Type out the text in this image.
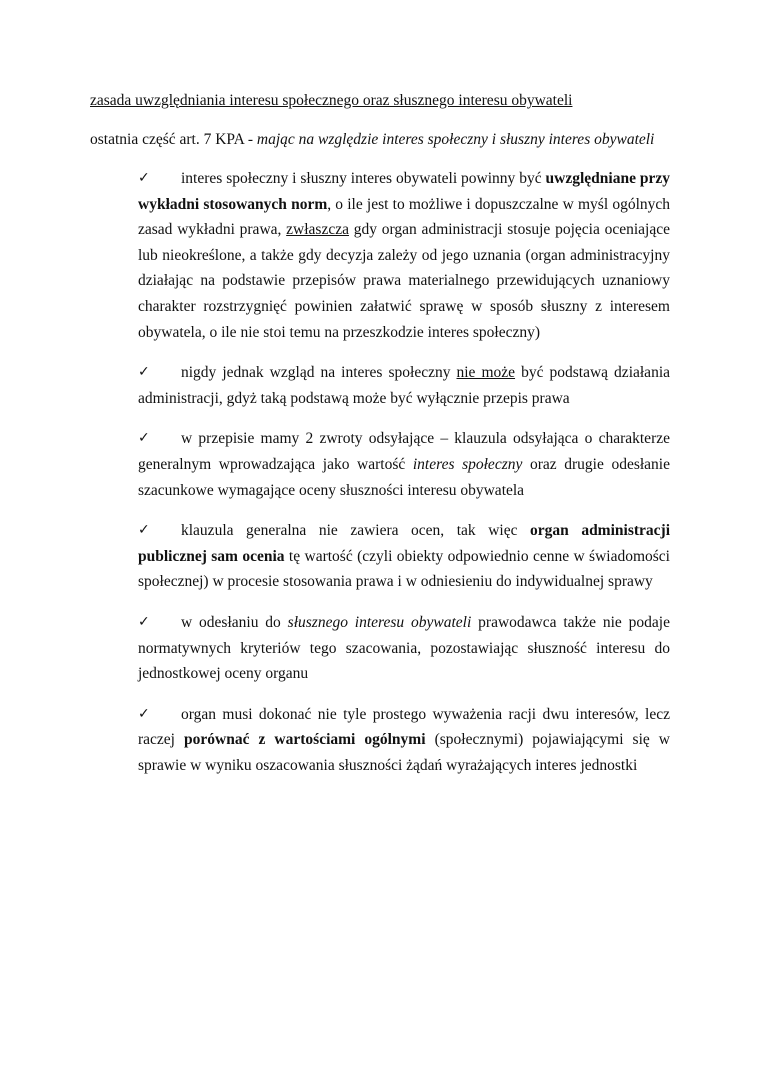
zasada uwzględniania interesu społecznego oraz słusznego interesu obywateli
ostatnia część art. 7 KPA - mając na względzie interes społeczny i słuszny interes obywateli
✓ interes społeczny i słuszny interes obywateli powinny być uwzględniane przy wykładni stosowanych norm, o ile jest to możliwe i dopuszczalne w myśl ogólnych zasad wykładni prawa, zwłaszcza gdy organ administracji stosuje pojęcia oceniające lub nieokreślone, a także gdy decyzja zależy od jego uznania (organ administracyjny działając na podstawie przepisów prawa materialnego przewidujących uznaniowy charakter rozstrzygnięć powinien załatwić sprawę w sposób słuszny z interesem obywatela, o ile nie stoi temu na przeszkodzie interes społeczny)
✓ nigdy jednak wzgląd na interes społeczny nie może być podstawą działania administracji, gdyż taką podstawą może być wyłącznie przepis prawa
✓ w przepisie mamy 2 zwroty odsyłające – klauzula odsyłająca o charakterze generalnym wprowadzająca jako wartość interes społeczny oraz drugie odesłanie szacunkowe wymagające oceny słuszności interesu obywatela
✓ klauzula generalna nie zawiera ocen, tak więc organ administracji publicznej sam ocenia tę wartość (czyli obiekty odpowiednio cenne w świadomości społecznej) w procesie stosowania prawa i w odniesieniu do indywidualnej sprawy
✓ w odesłaniu do słusznego interesu obywateli prawodawca także nie podaje normatywnych kryteriów tego szacowania, pozostawiając słuszność interesu do jednostkowej oceny organu
✓ organ musi dokonać nie tyle prostego wyważenia racji dwu interesów, lecz raczej porównać z wartościami ogólnymi (społecznymi) pojawiającymi się w sprawie w wyniku oszacowania słuszności żądań wyrażających interes jednostki
